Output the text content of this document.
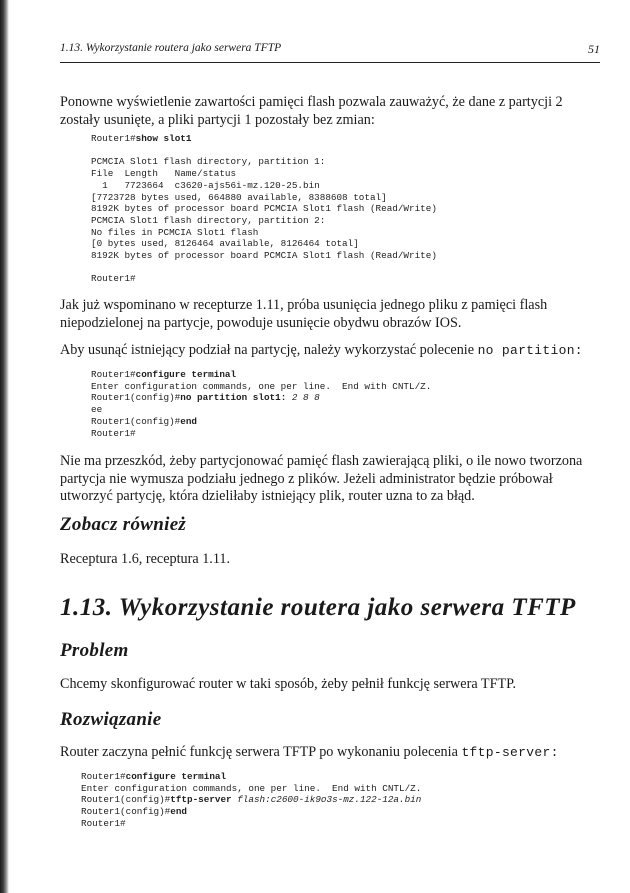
1.13. Wykorzystanie routera jako serwera TFTP	51

Ponowne wyświetlenie zawartości pamięci flash pozwala zauważyć, że dane z partycji 2 zostały usunięte, a pliki partycji 1 pozostały bez zmian:

Router1#show slot1

PCMCIA Slot1 flash directory, partition 1:
File  Length   Name/status
1   7723664  c3620-ajs56i-mz.120-25.bin
[7723728 bytes used, 664880 available, 8388608 total]
8192K bytes of processor board PCMCIA Slot1 flash (Read/Write)
PCMCIA Slot1 flash directory, partition 2:
No files in PCMCIA Slot1 flash
[0 bytes used, 8126464 available, 8126464 total]
8192K bytes of processor board PCMCIA Slot1 flash (Read/Write)

Router1#

Jak już wspominano w recepturze 1.11, próba usunięcia jednego pliku z pamięci flash niepodzielonej na partycje, powoduje usunięcie obydwu obrazów IOS.

Aby usunąć istniejący podział na partycję, należy wykorzystać polecenie no partition:

Router1#configure terminal
Enter configuration commands, one per line.  End with CNTL/Z.
Router1(config)#no partition slot1: 2 8 8
ee
Router1(config)#end
Router1#

Nie ma przeszkód, żeby partycjonować pamięć flash zawierającą pliki, o ile nowo tworzona partycja nie wymusza podziału jednego z plików. Jeżeli administrator będzie próbował utworzyć partycję, która dzieliłaby istniejący plik, router uzna to za błąd.

Zobacz również

Receptura 1.6, receptura 1.11.

1.13. Wykorzystanie routera jako serwera TFTP
Problem

Chcemy skonfigurować router w taki sposób, żeby pełnił funkcję serwera TFTP.

Rozwiązanie

Router zaczyna pełnić funkcję serwera TFTP po wykonaniu polecenia tftp-server:

Router1#configure terminal
Enter configuration commands, one per line.  End with CNTL/Z.
Router1(config)#tftp-server flash:c2600-ik9o3s-mz.122-12a.bin
Router1(config)#end
Router1#
